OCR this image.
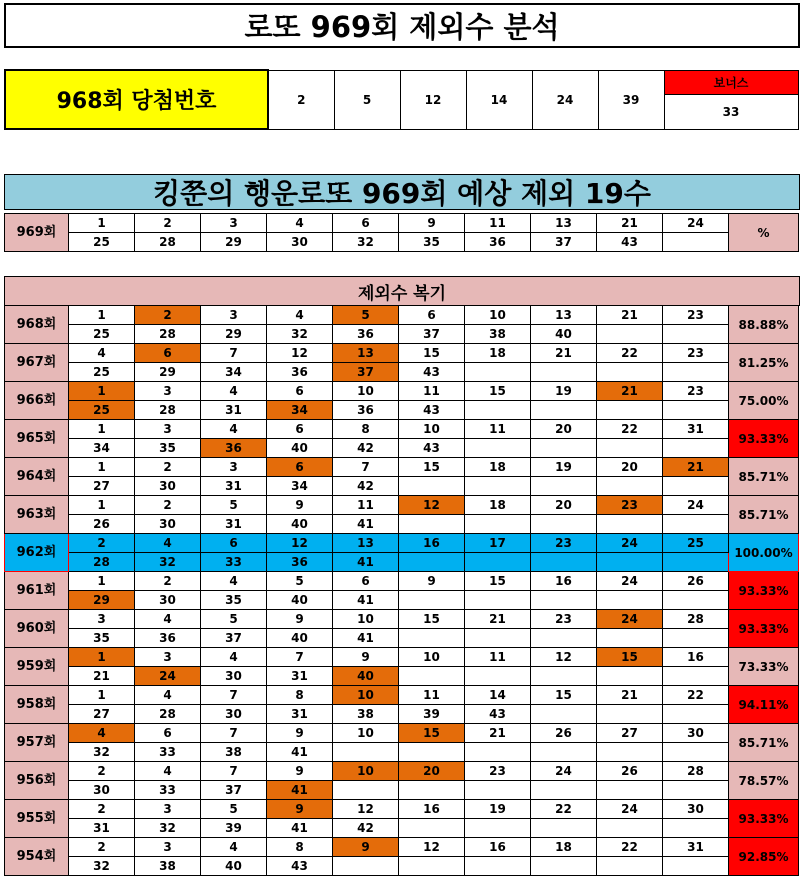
로또 969회 제외수 분석
968회 당첨번호	2	5	12	14	24	39	보너스
33
킹쭌의 행운로또 969회 예상 제외 19수
969회	1	2	3	4	6	9	11	13	21	24	%
	25	28	29	30	32	35	36	37	43		
제외수 복기
968회	1	2	3	4	5	6	10	13	21	23	88.88%
	25	28	29	32	36	37	38	40			
967회	4	6	7	12	13	15	18	21	22	23	81.25%
	25	29	34	36	37	43					
966회	1	3	4	6	10	11	15	19	21	23	75.00%
	25	28	31	34	36	43					
965회	1	3	4	6	8	10	11	20	22	31	93.33%
	34	35	36	40	42	43					
964회	1	2	3	6	7	15	18	19	20	21	85.71%
	27	30	31	34	42						
963회	1	2	5	9	11	12	18	20	23	24	85.71%
	26	30	31	40	41						
962회	2	4	6	12	13	16	17	23	24	25	100.00%
	28	32	33	36	41						
961회	1	2	4	5	6	9	15	16	24	26	93.33%
	29	30	35	40	41						
960회	3	4	5	9	10	15	21	23	24	28	93.33%
	35	36	37	40	41						
959회	1	3	4	7	9	10	11	12	15	16	73.33%
	21	24	30	31	40						
958회	1	4	7	8	10	11	14	15	21	22	94.11%
	27	28	30	31	38	39	43				
957회	4	6	7	9	10	15	21	26	27	30	85.71%
	32	33	38	41							
956회	2	4	7	9	10	20	23	24	26	28	78.57%
	30	33	37	41							
955회	2	3	5	9	12	16	19	22	24	30	93.33%
	31	32	39	41	42						
954회	2	3	4	8	9	12	16	18	22	31	92.85%
	32	38	40	43							
